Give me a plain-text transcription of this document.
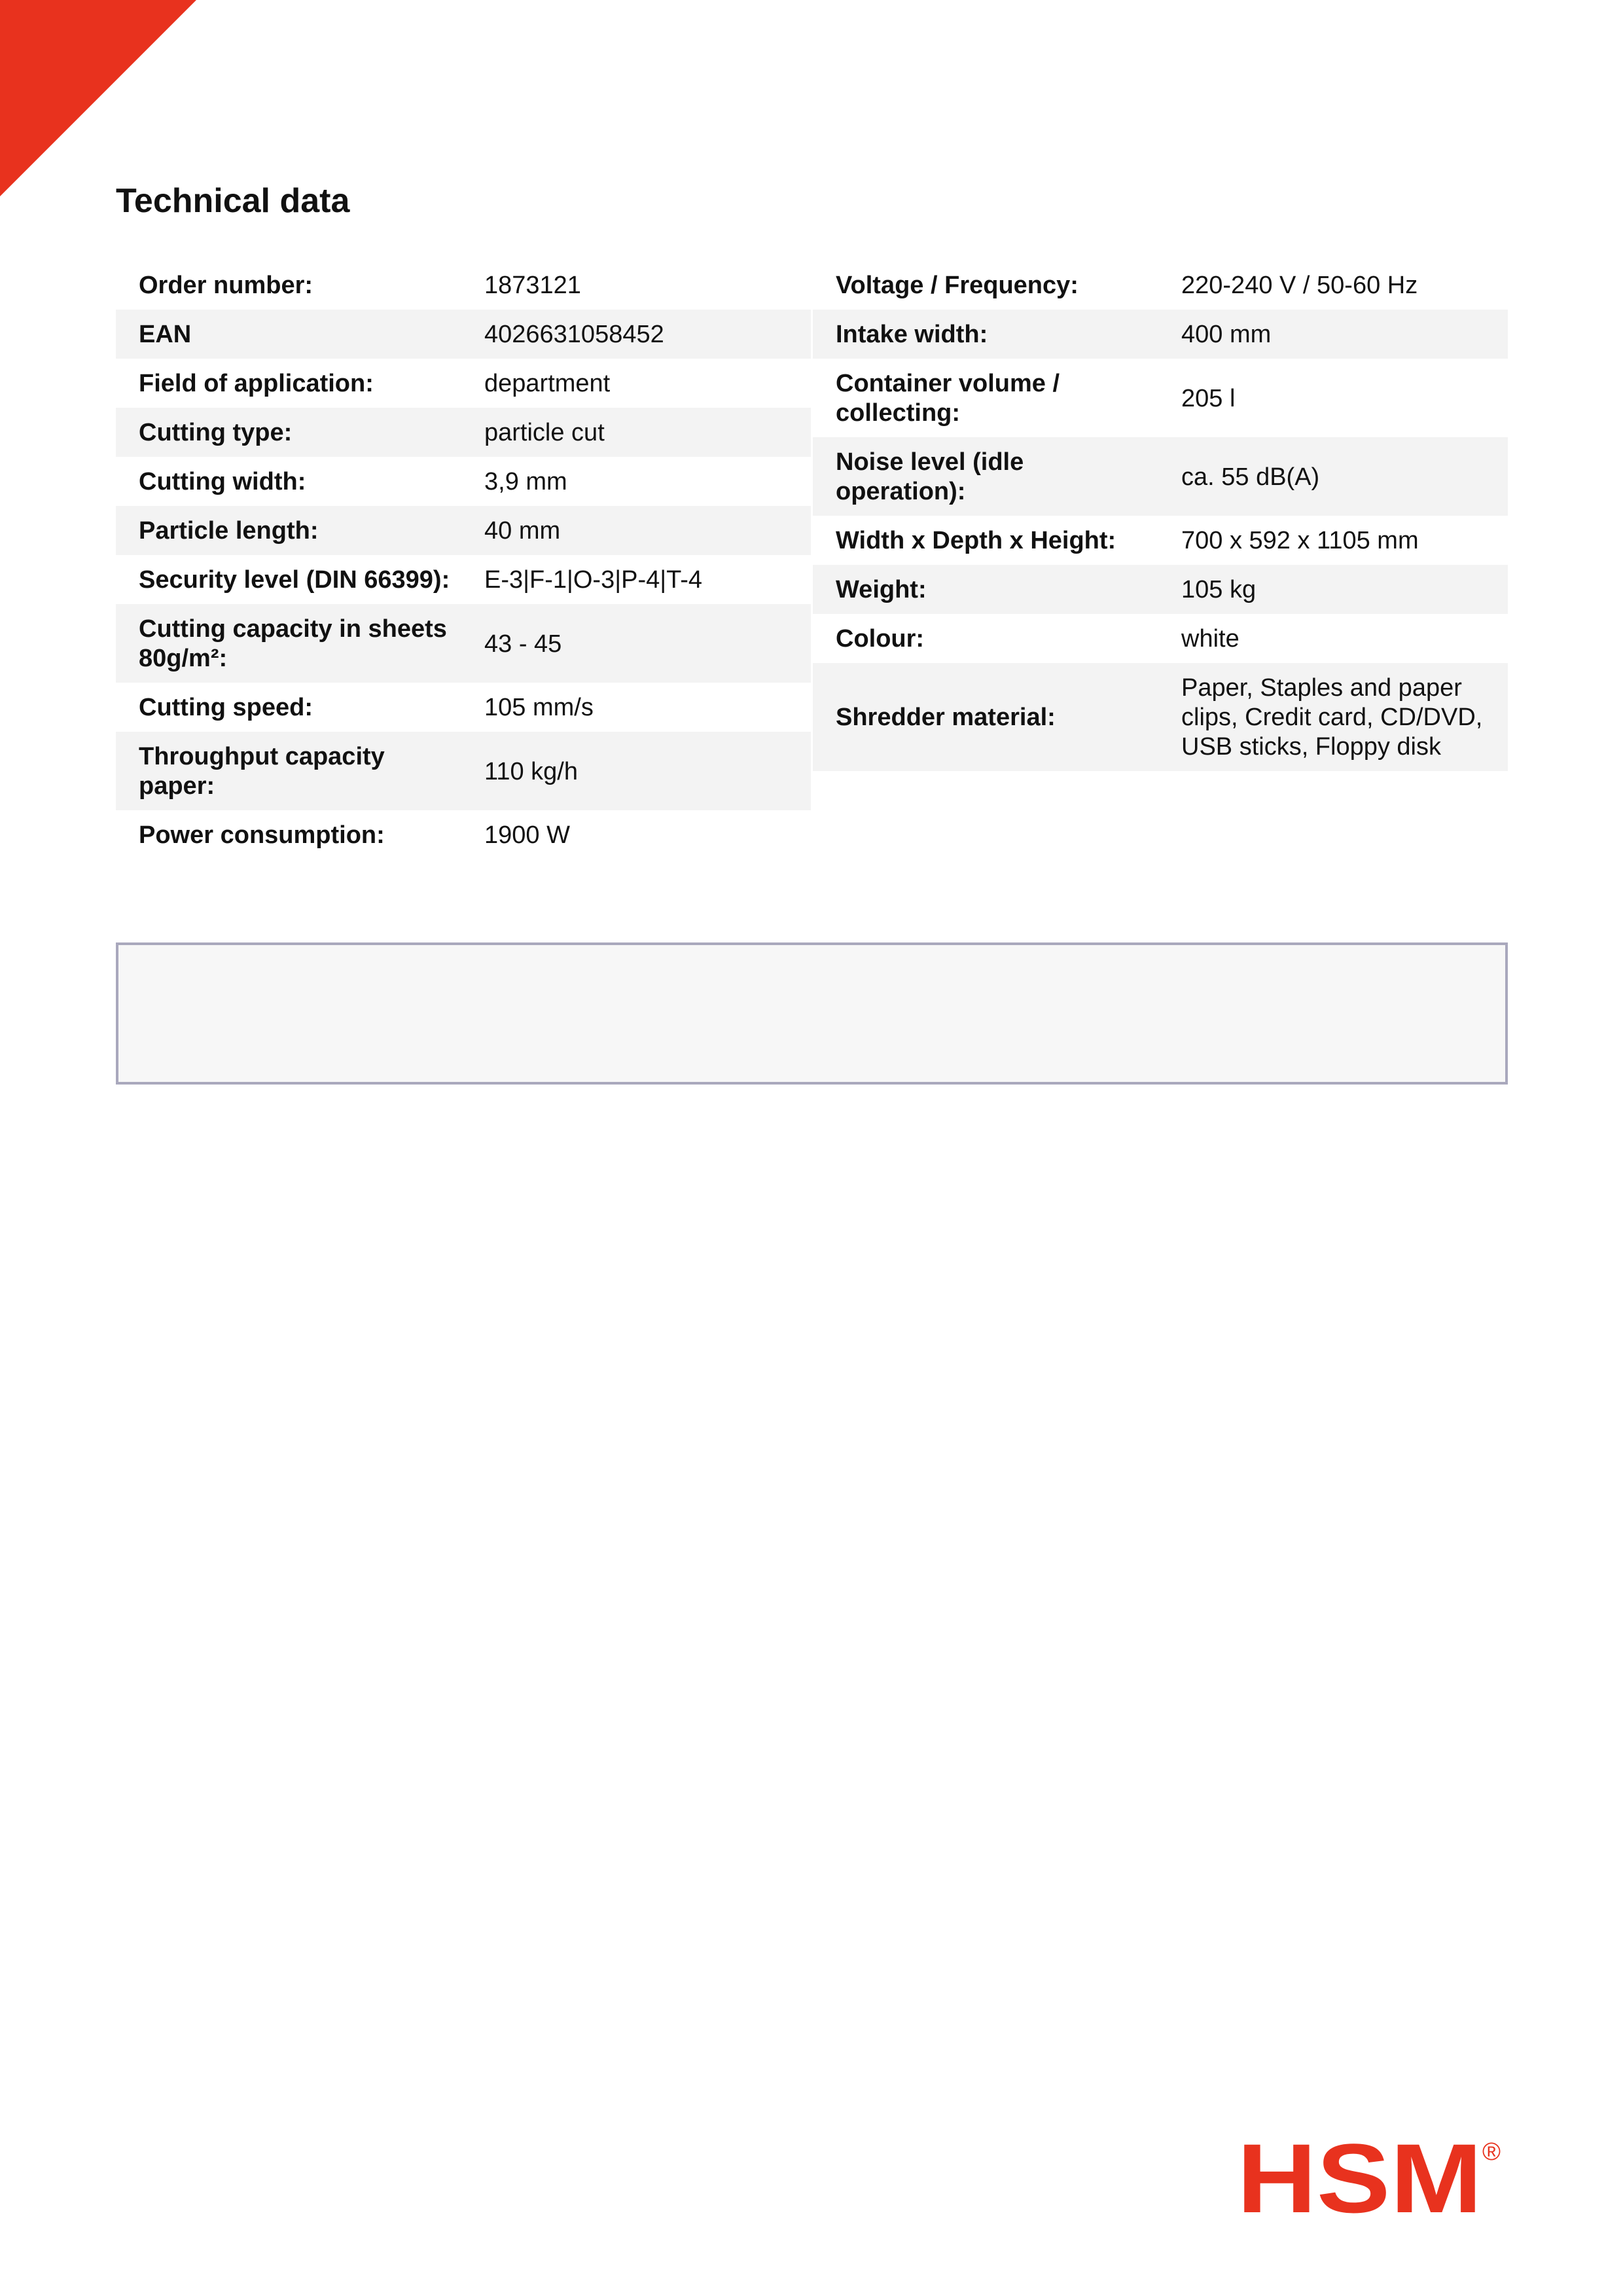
Technical data
Order number:	1873121
EAN	4026631058452
Field of application:	department
Cutting type:	particle cut
Cutting width:	3,9 mm
Particle length:	40 mm
Security level (DIN 66399):	E-3|F-1|O-3|P-4|T-4
Cutting capacity in sheets 80g/m²:	43 - 45
Cutting speed:	105 mm/s
Throughput capacity paper:	110 kg/h
Power consumption:	1900 W
Voltage / Frequency:	220-240 V / 50-60 Hz
Intake width:	400 mm
Container volume / collecting:	205 l
Noise level (idle operation):	ca. 55 dB(A)
Width x Depth x Height:	700 x 592 x 1105 mm
Weight:	105 kg
Colour:	white
Shredder material:	Paper, Staples and paper clips, Credit card, CD/DVD, USB sticks, Floppy disk
HSM ®
